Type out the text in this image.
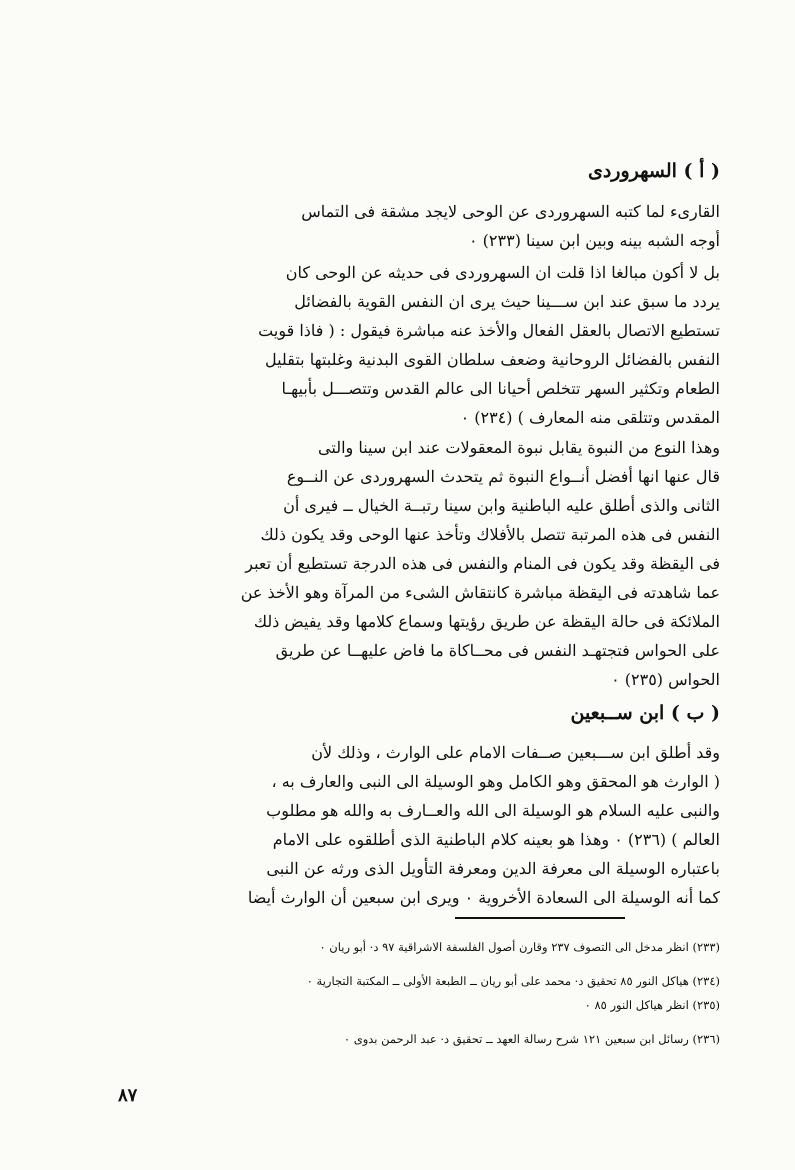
( أ ) السهروردى

القارىء لما كتبه السهروردى عن الوحى لايجد مشقة فى التماس

أوجه الشبه بينه وبين ابن سينا (٢٣٣) ٠

بل لا أكون مبالغا اذا قلت ان السهروردى فى حديثه عن الوحى كان

يردد ما سبق عند ابن ســـينا حيث يرى ان النفس القوية بالفضائل

تستطيع الاتصال بالعقل الفعال والأخذ عنه مباشرة فيقول : ( فاذا قويت

النفس بالفضائل الروحانية وضعف سلطان القوى البدنية وغلبتها بتقليل

الطعام وتكثير السهر تتخلص أحيانا الى عالم القدس وتتصـــل بأبيهـا

المقدس وتتلقى منه المعارف ) (٢٣٤) ٠

وهذا النوع من النبوة يقابل نبوة المعقولات عند ابن سينا والتى

قال عنها انها أفضل أنــواع النبوة ثم يتحدث السهروردى عن النــوع

الثانى والذى أطلق عليه الباطنية وابن سينا رتبــة الخيال ــ فيرى أن

النفس فى هذه المرتبة تتصل بالأفلاك وتأخذ عنها الوحى وقد يكون ذلك

فى اليقظة وقد يكون فى المنام والنفس فى هذه الدرجة تستطيع أن تعبر

عما شاهدته فى اليقظة مباشرة كانتقاش الشىء من المرآة وهو الأخذ عن

الملائكة فى حالة اليقظة عن طريق رؤيتها وسماع كلامها وقد يفيض ذلك

على الحواس فتجتهـد النفس فى محــاكاة ما فاض عليهــا عن طريق

الحواس (٢٣٥) ٠

( ب ) ابن ســبعين

وقد أطلق ابن ســـبعين صــفات الامام على الوارث ، وذلك لأن

( الوارث هو المحقق وهو الكامل وهو الوسيلة الى النبى والعارف به ،

والنبى عليه السلام هو الوسيلة الى الله والعــارف به والله هو مطلوب

العالم ) (٢٣٦) ٠ وهذا هو بعينه كلام الباطنية الذى أطلقوه على الامام

باعتباره الوسيلة الى معرفة الدين ومعرفة التأويل الذى ورثه عن النبى

كما أنه الوسيلة الى السعادة الأخروية ٠ ويرى ابن سبعين أن الوارث أيضا

(٢٣٣) انظر مدخل الى التصوف ٢٣٧ وقارن أصول الفلسفة الاشراقية ٩٧ د· أبو ريان ٠

(٢٣٤) هياكل النور ٨٥ تحقيق د· محمد على أبو ريان ــ الطبعة الأولى ــ المكتبة التجارية ٠

(٢٣٥) انظر هياكل النور ٨٥ ٠

(٢٣٦) رسائل ابن سبعين ١٢١ شرح رسالة العهد ــ تحقيق د· عبد الرحمن بدوى ٠

٨٧
